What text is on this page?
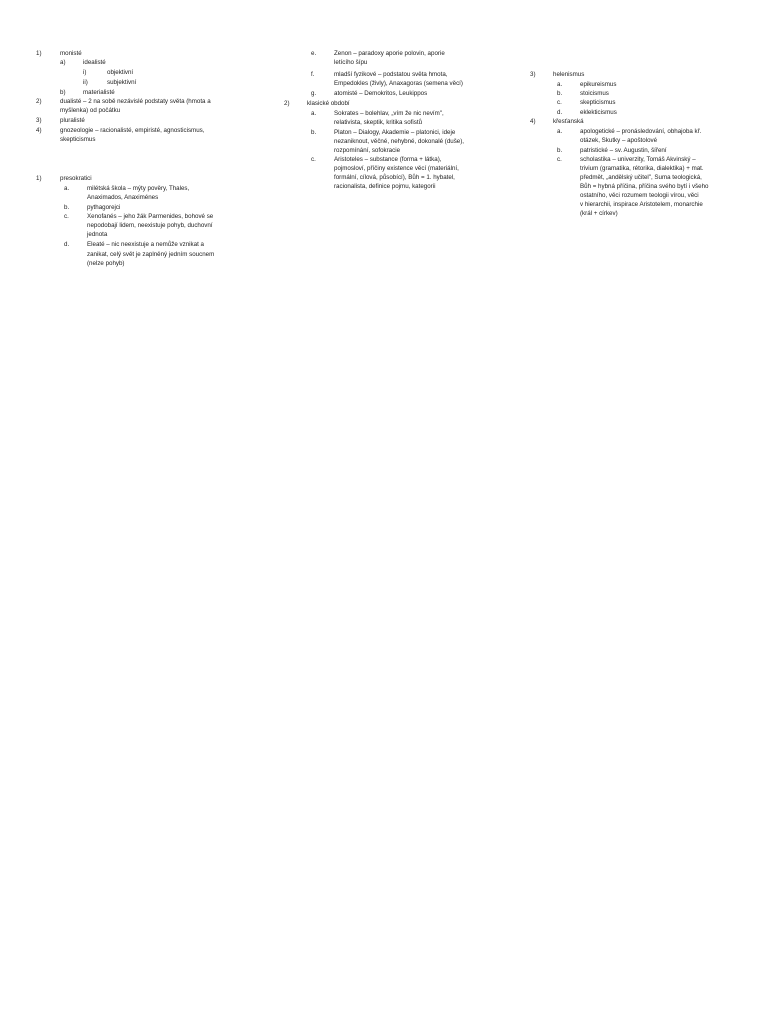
1)	monisté
a)	idealisté
i)	objektivní
ii)	subjektivní
b)	materialisté
2)	dualisté – 2 na sobě nezávislé podstaty světa (hmota a
myšlenka) od počátku
3)	pluralisté
4)	gnozeologie – racionalisté, empiristé, agnosticismus,
skepticismus
1)	presokratici
a.	milétská škola – mýty pověry, Thales,
Anaximados, Anaximénes
b.	pythagorejci
c.	Xenofanés – jeho žák Parmenides, bohové se
nepodobají lidem, neexistuje pohyb, duchovní
jednota
d.	Eleaté – nic neexistuje a nemůže vznikat a
zanikat, celý svět je zaplněný jedním soucnem
(nelze pohyb)
e.	Zenon – paradoxy aporie polovin, aporie
letícího šípu
f.	mladší fyzikové – podstatou světa hmota,
Empedokles (živly), Anaxagoras (semena věcí)
g.	atomisté – Demokritos, Leukippos
2)	klasické období
a.	Sokrates – bolehlav, „vím že nic nevím",
relativista, skeptik, kritika sofistů
b.	Platon – Dialogy, Akademie – platonici, ideje
nezaniknout, věčné, nehybné, dokonalé (duše),
rozpomínání, sofokracie
c.	Aristoteles – substance (forma + látka),
pojmosloví, příčiny existence věcí (materiální,
formální, cílová, působící), Bůh = 1. hybatel,
racionalista, definice pojmu, kategorii
3)	helenismus
a.	epikureismus
b.	stoicismus
c.	skepticismus
d.	eklekticismus
4)	křesťanská
a.	apologetické – pronásledování, obhajoba kř.
otázek, Skutky – apoštolové
b.	patristické – sv. Augustin, šíření
c.	scholastika – univerzity, Tomáš Akvinský –
trivium (gramatika, rétorika, dialektika) + mat.
předmět, „andělský učitel", Suma teologická,
Bůh = hybná příčina, příčina svého bytí i všeho
ostatního, věci rozumem teologii vírou, věci
v hierarchii, inspirace Aristotelem, monarchie
(král + církev)
